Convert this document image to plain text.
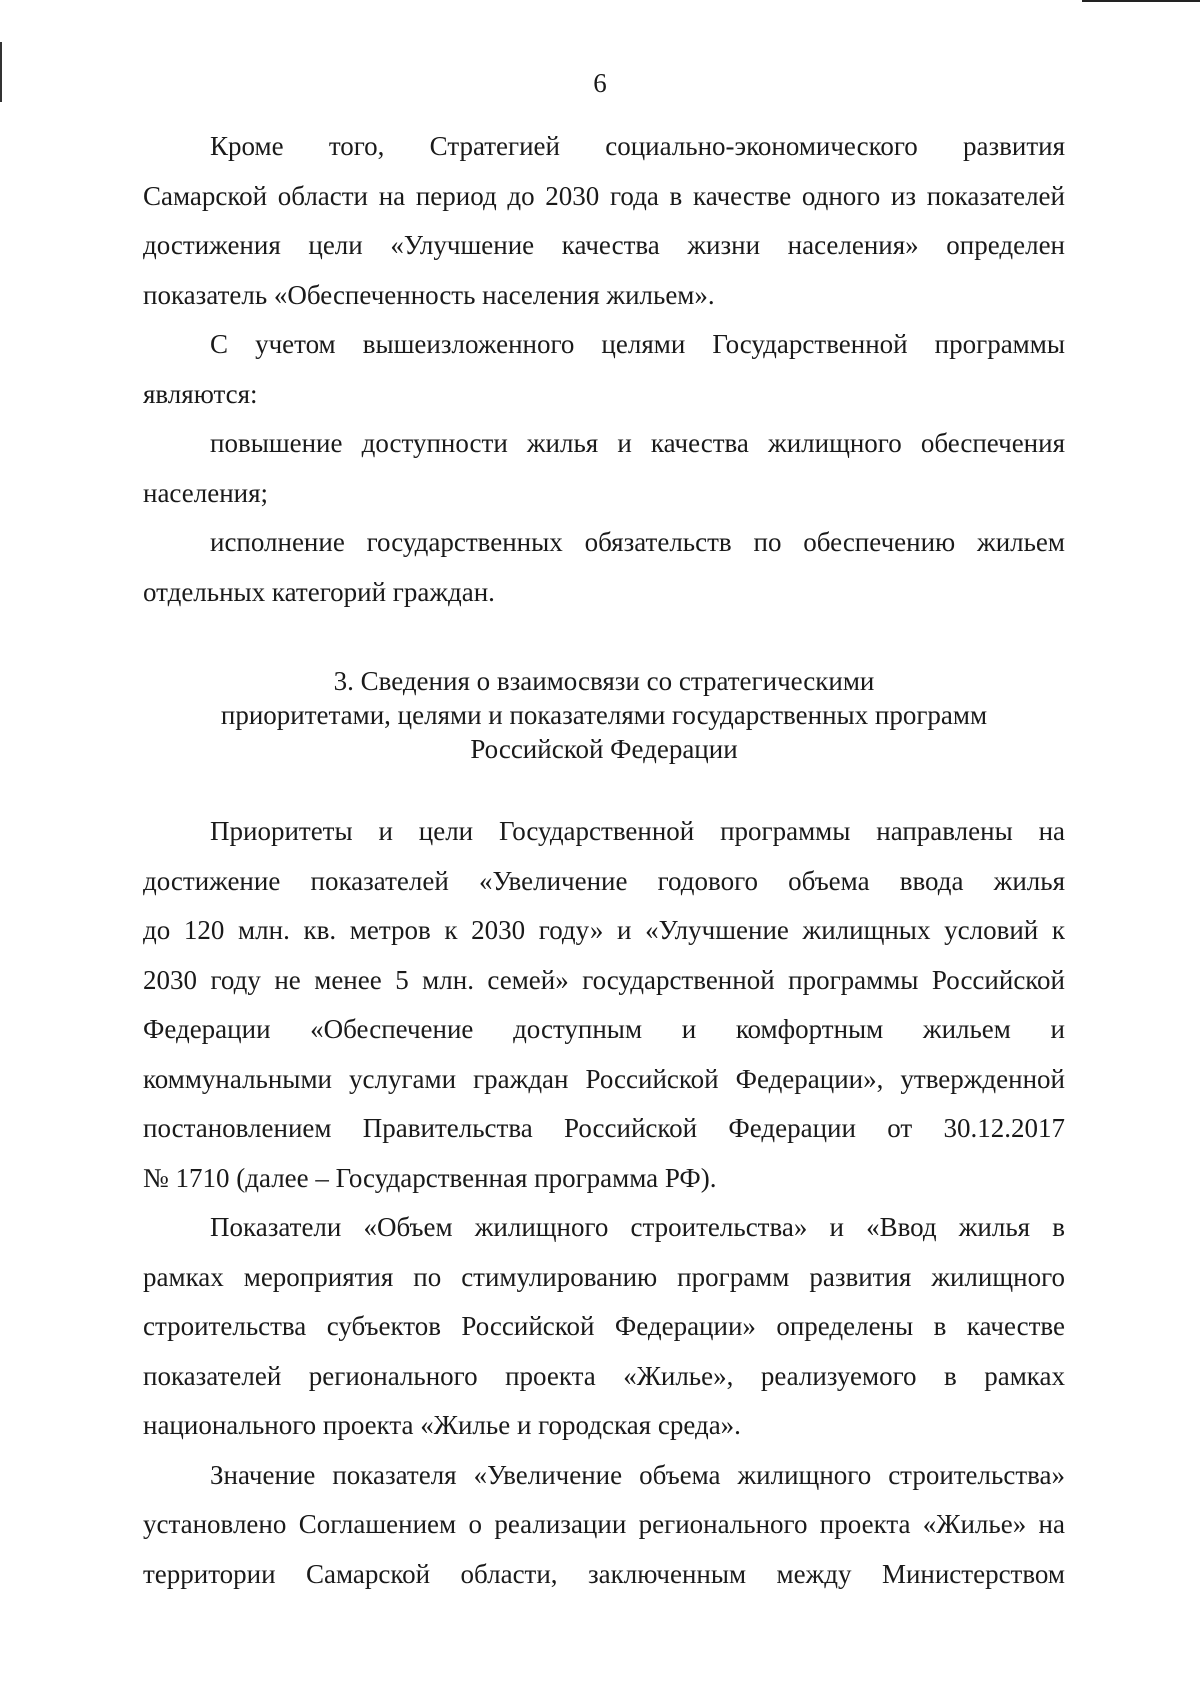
6

Кроме того, Стратегией социально-экономического развития
Самарской области на период до 2030 года в качестве одного из показателей
достижения цели «Улучшение качества жизни населения» определен
показатель «Обеспеченность населения жильем».

С учетом вышеизложенного целями Государственной программы
являются:

повышение доступности жилья и качества жилищного обеспечения
населения;

исполнение государственных обязательств по обеспечению жильем
отдельных категорий граждан.

3. Сведения о взаимосвязи со стратегическими
приоритетами, целями и показателями государственных программ
Российской Федерации

Приоритеты и цели Государственной программы направлены на
достижение показателей «Увеличение годового объема ввода жилья
до 120 млн. кв. метров к 2030 году» и «Улучшение жилищных условий к
2030 году не менее 5 млн. семей» государственной программы Российской
Федерации «Обеспечение доступным и комфортным жильем и
коммунальными услугами граждан Российской Федерации», утвержденной
постановлением Правительства Российской Федерации от 30.12.2017
№ 1710 (далее – Государственная программа РФ).

Показатели «Объем жилищного строительства» и «Ввод жилья в
рамках мероприятия по стимулированию программ развития жилищного
строительства субъектов Российской Федерации» определены в качестве
показателей регионального проекта «Жилье», реализуемого в рамках
национального проекта «Жилье и городская среда».

Значение показателя «Увеличение объема жилищного строительства»
установлено Соглашением о реализации регионального проекта «Жилье» на
территории Самарской области, заключенным между Министерством
